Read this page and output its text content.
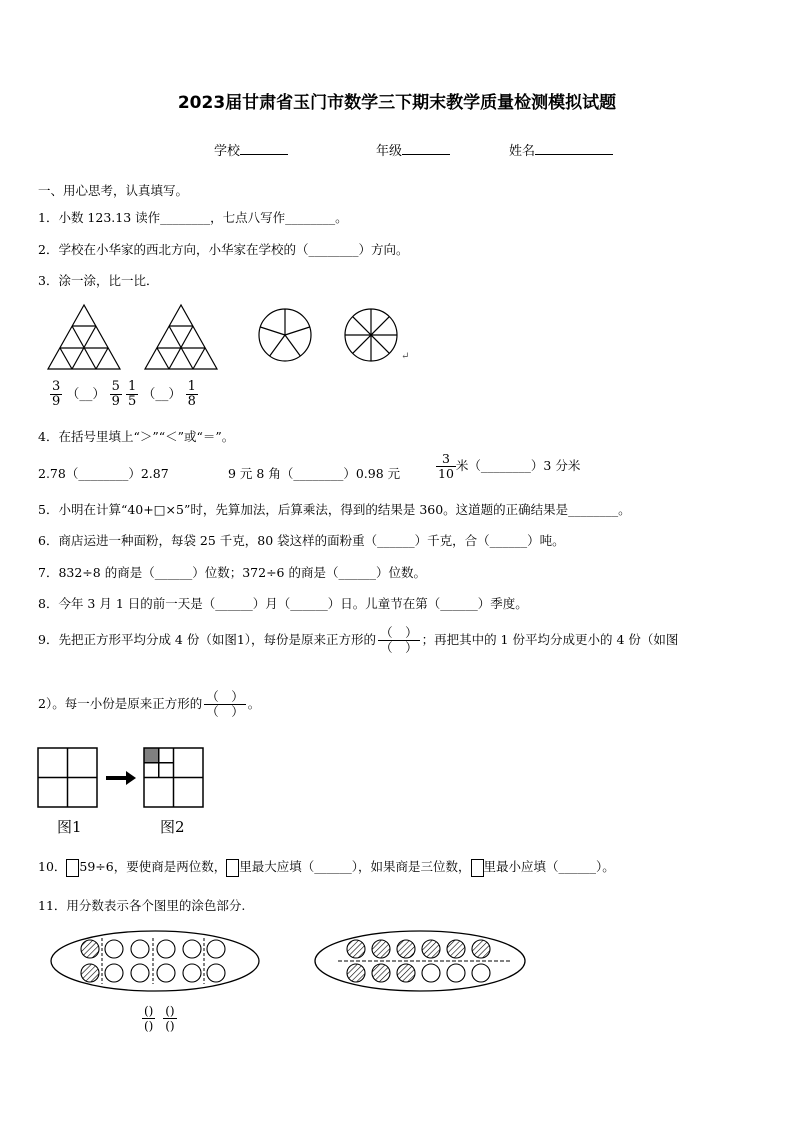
2023届甘肃省玉门市数学三下期末教学质量检测模拟试题
学校	年级	姓名
一、用心思考，认真填写。
1．小数 123.13 读作________，七点八写作________。
2．学校在小华家的西北方向，小华家在学校的（________）方向。
3．涂一涂，比一比．
↵
$\frac{3}{9}$ （__） $\frac{5}{9}$
$\frac{1}{5}$ （__） $\frac{1}{8}$
4．在括号里填上“＞”“＜”或“＝”。
2.78（________）2.87	9 元 8 角（________）0.98 元	$\frac{3}{10}$ 米（________）3 分米
5．小明在计算“40+□×5”时，先算加法，后算乘法，得到的结果是 360。这道题的正确结果是________。
6．商店运进一种面粉，每袋 25 千克，80 袋这样的面粉重（______）千克，合（______）吨。
7．832÷8 的商是（______）位数；372÷6 的商是（______）位数。
8．今年 3 月 1 日的前一天是（______）月（______）日。儿童节在第（______）季度。
9．先把正方形平均分成 4 份（如图1），每份是原来正方形的 $\frac{( )}{( )}$ ；再把其中的 1 份平均分成更小的 4 份（如图
2）。每一小份是原来正方形的 $\frac{( )}{( )}$ 。
图1	图2
10． 59÷6，要使商是两位数， 里最大应填（______），如果商是三位数， 里最小应填（______）。
11．用分数表示各个图里的涂色部分.
$\frac{()}{()}$
$\frac{()}{()}$
